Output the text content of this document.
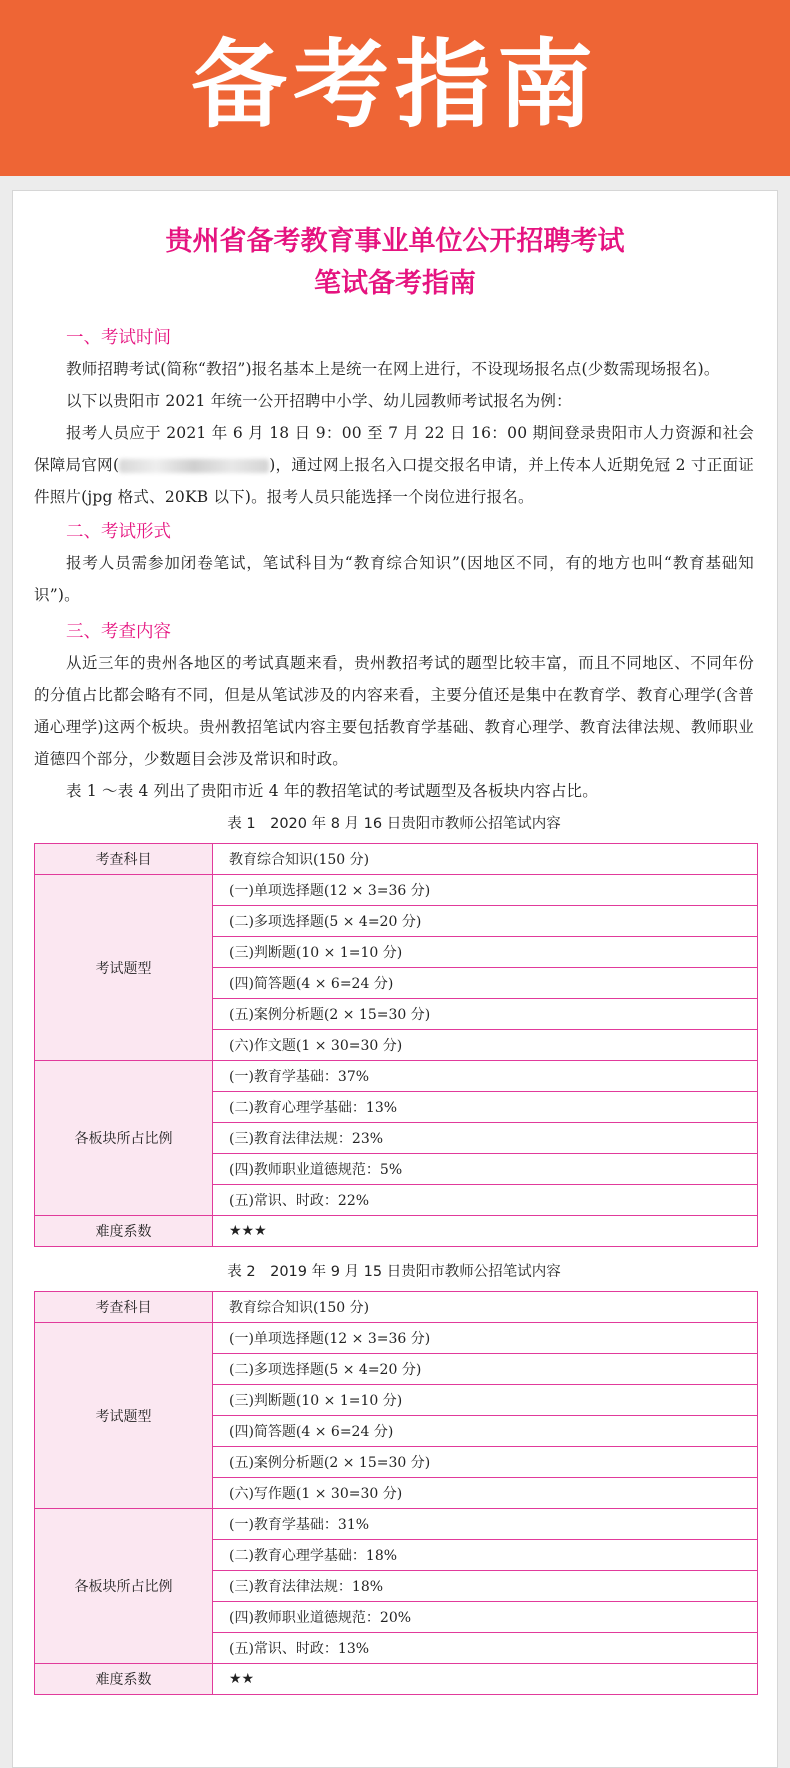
备考指南
贵州省备考教育事业单位公开招聘考试
笔试备考指南
一、考试时间

教师招聘考试(简称“教招”)报名基本上是统一在网上进行，不设现场报名点(少数需现场报名)。

以下以贵阳市 2021 年统一公开招聘中小学、幼儿园教师考试报名为例：

报考人员应于 2021 年 6 月 18 日 9：00 至 7 月 22 日 16：00 期间登录贵阳市人力资源和社会保障局官网(	)，通过网上报名入口提交报名申请，并上传本人近期免冠 2 寸正面证件照片(jpg 格式、20KB 以下)。报考人员只能选择一个岗位进行报名。

二、考试形式

报考人员需参加闭卷笔试，笔试科目为“教育综合知识”(因地区不同，有的地方也叫“教育基础知识”)。

三、考查内容

从近三年的贵州各地区的考试真题来看，贵州教招考试的题型比较丰富，而且不同地区、不同年份的分值占比都会略有不同，但是从笔试涉及的内容来看，主要分值还是集中在教育学、教育心理学(含普通心理学)这两个板块。贵州教招笔试内容主要包括教育学基础、教育心理学、教育法律法规、教师职业道德四个部分，少数题目会涉及常识和时政。

表 1 ～表 4 列出了贵阳市近 4 年的教招笔试的考试题型及各板块内容占比。

表 1　2020 年 8 月 16 日贵阳市教师公招笔试内容
考查科目	教育综合知识(150 分)
考试题型	(一)单项选择题(12 × 3=36 分)
	(二)多项选择题(5 × 4=20 分)
	(三)判断题(10 × 1=10 分)
	(四)简答题(4 × 6=24 分)
	(五)案例分析题(2 × 15=30 分)
	(六)作文题(1 × 30=30 分)
各板块所占比例	(一)教育学基础：37%
	(二)教育心理学基础：13%
	(三)教育法律法规：23%
	(四)教师职业道德规范：5%
	(五)常识、时政：22%
难度系数	★★★
表 2　2019 年 9 月 15 日贵阳市教师公招笔试内容
考查科目	教育综合知识(150 分)
考试题型	(一)单项选择题(12 × 3=36 分)
	(二)多项选择题(5 × 4=20 分)
	(三)判断题(10 × 1=10 分)
	(四)简答题(4 × 6=24 分)
	(五)案例分析题(2 × 15=30 分)
	(六)写作题(1 × 30=30 分)
各板块所占比例	(一)教育学基础：31%
	(二)教育心理学基础：18%
	(三)教育法律法规：18%
	(四)教师职业道德规范：20%
	(五)常识、时政：13%
难度系数	★★
